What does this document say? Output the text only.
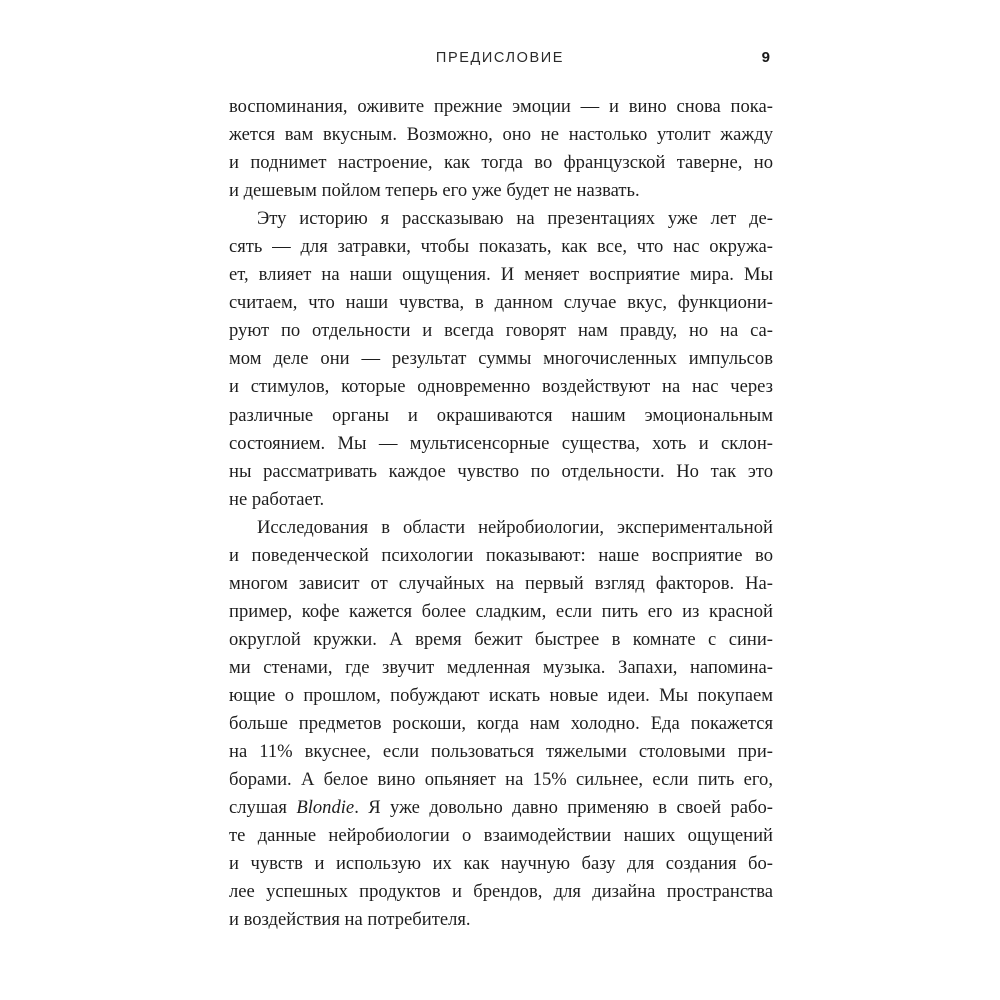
ПРЕДИСЛОВИЕ	9
воспоминания, оживите прежние эмоции — и вино снова пока-
жется вам вкусным. Возможно, оно не настолько утолит жажду
и поднимет настроение, как тогда во французской таверне, но
и дешевым пойлом теперь его уже будет не назвать.
Эту историю я рассказываю на презентациях уже лет де-
сять — для затравки, чтобы показать, как все, что нас окружа-
ет, влияет на наши ощущения. И меняет восприятие мира. Мы
считаем, что наши чувства, в данном случае вкус, функциони-
руют по отдельности и всегда говорят нам правду, но на са-
мом деле они — результат суммы многочисленных импульсов
и стимулов, которые одновременно воздействуют на нас через
различные органы и окрашиваются нашим эмоциональным
состоянием. Мы — мультисенсорные существа, хоть и склон-
ны рассматривать каждое чувство по отдельности. Но так это
не работает.
Исследования в области нейробиологии, экспериментальной
и поведенческой психологии показывают: наше восприятие во
многом зависит от случайных на первый взгляд факторов. На-
пример, кофе кажется более сладким, если пить его из красной
округлой кружки. А время бежит быстрее в комнате с сини-
ми стенами, где звучит медленная музыка. Запахи, напомина-
ющие о прошлом, побуждают искать новые идеи. Мы покупаем
больше предметов роскоши, когда нам холодно. Еда покажется
на 11% вкуснее, если пользоваться тяжелыми столовыми при-
борами. А белое вино опьяняет на 15% сильнее, если пить его,
слушая Blondie. Я уже довольно давно применяю в своей рабо-
те данные нейробиологии о взаимодействии наших ощущений
и чувств и использую их как научную базу для создания бо-
лее успешных продуктов и брендов, для дизайна пространства
и воздействия на потребителя.
